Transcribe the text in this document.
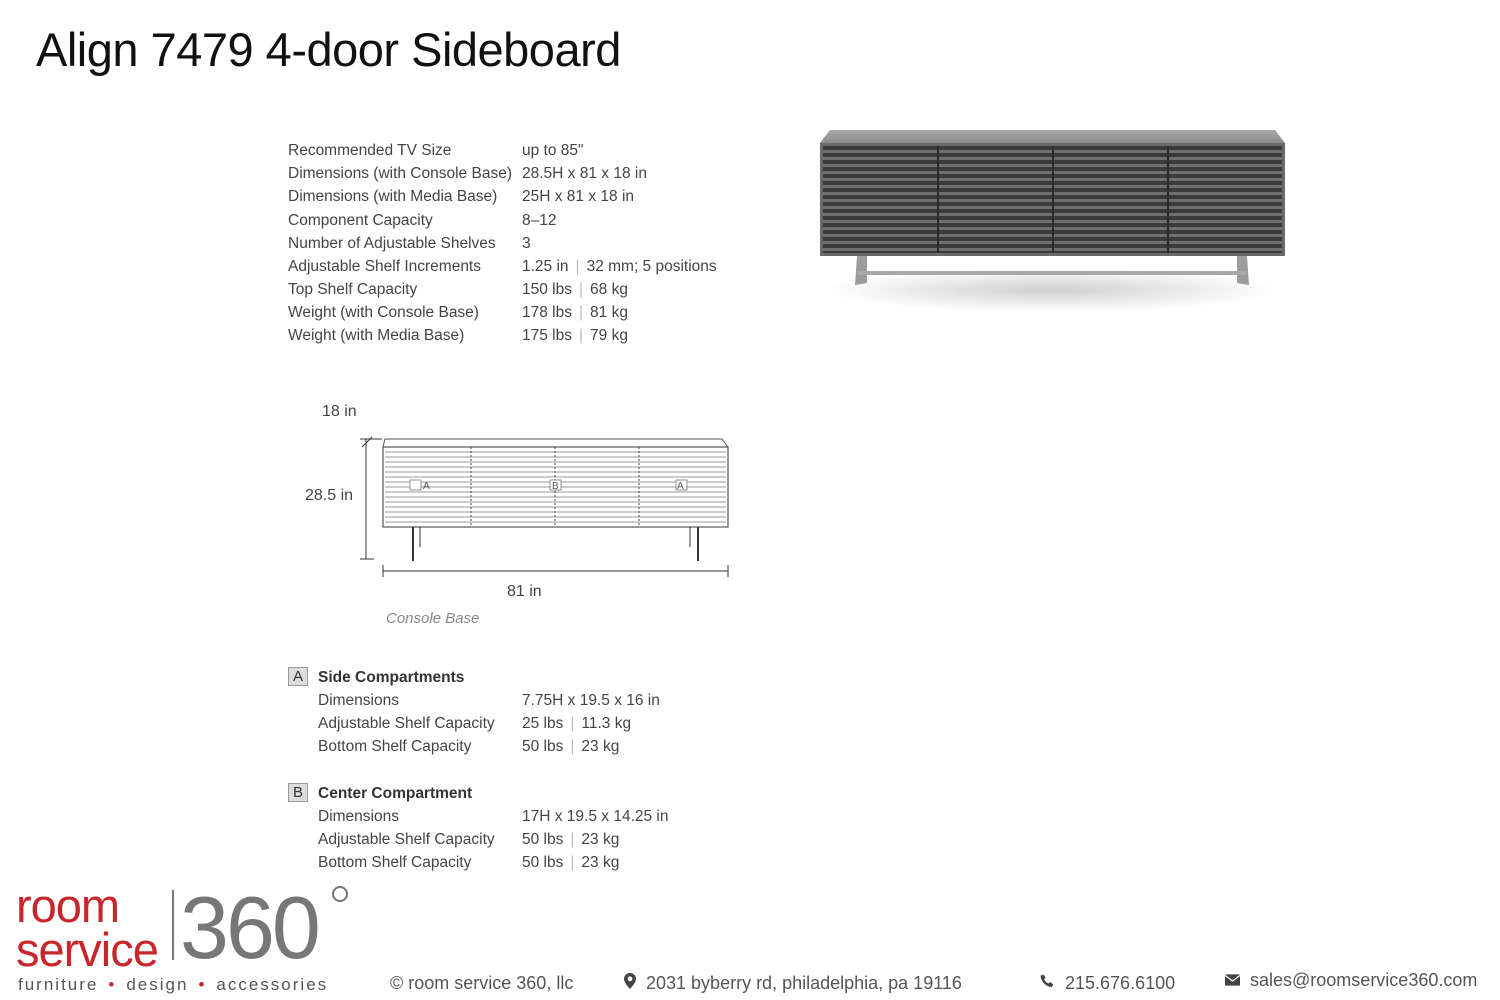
Align 7479 4-door Sideboard
Recommended TV Size	up to 85"
Dimensions (with Console Base) 28.5H x 81 x 18 in
Dimensions (with Media Base) 25H x 81 x 18 in
Component Capacity	8–12
Number of Adjustable Shelves 3
Adjustable Shelf Increments	1.25 in | 32 mm; 5 positions
Top Shelf Capacity	150 lbs | 68 kg
Weight (with Console Base)	178 lbs | 81 kg
Weight (with Media Base)	175 lbs | 79 kg
A	B	A
18 in
28.5 in
81 in
Console Base
A Side Compartments
Dimensions	7.75H x 19.5 x 16 in
Adjustable Shelf Capacity 25 lbs | 11.3 kg
Bottom Shelf Capacity	50 lbs | 23 kg
B Center Compartment
Dimensions	17H x 19.5 x 14.25 in
Adjustable Shelf Capacity 50 lbs | 23 kg
Bottom Shelf Capacity	50 lbs | 23 kg
room
service 360
furniture • design • accessories	© room service 360, llc	2031 byberry rd, philadelphia, pa 19116	215.676.6100	sales@roomservice360.com
